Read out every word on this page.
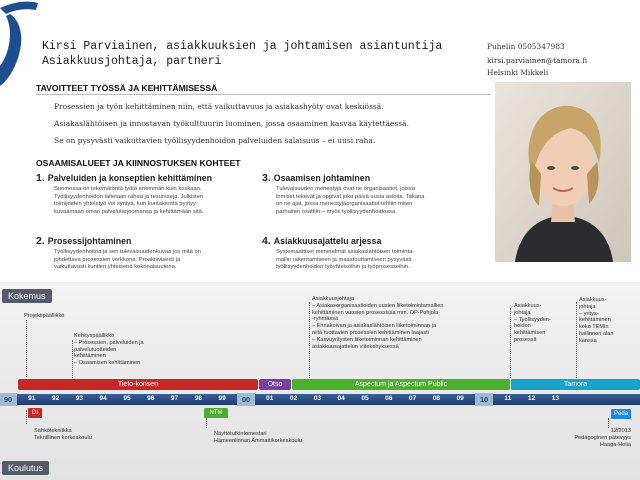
Kirsi Parviainen, asiakkuuksien ja johtamisen asiantuntija
Asiakkuusjohtaja, partneri
Puhelin 0505347983
kirsi.parviainen@tamora.fi
Helsinki Mikkeli
TAVOITTEET TYÖSSÄ JA KEHITTÄMISESSÄ
Prosessien ja työn kehittäminen niin, että vaikuttavuus ja asiakashyöty ovat keskiössä.
Asiakaslähtöisen ja innostavan työkulttuurin luominen, jossa osaaminen kasvaa käytettäessä.
Se on pysyvästi vaikuttavien työllisyydenhoidon palveluiden salaisuus – ei uusi raha.
OSAAMISALUEET JA KIINNOSTUKSEN KOHTEET
1. Palveluiden ja konseptien kehittäminen
Suomessa on tekemätöntä työtä enemmän kuin koskaan.
Työllisyydenhoidon laitetaan rahaa ja resursseja. Julkisten
toimijoiden yhteistyö voi syntyä, kun kuntakenttä pystyy
kuvaamaan oman palvelutarjoomansa ja kehittämään sitä.
2. Prosessijohtaminen
Työllisyydenhoitoa ja sen tulevaisuudenkuvaa jos mitä on
johdettava prosessien verkkona. Proaktiivisesti ja
vaikuttavasti kuntien yhteisenä kokonaisuutena.
3. Osaamisen johtaminen
Tulevaisuuden menestyjä ovat ne organisaatiot, joissa
ihmiset tekevät ja oppivat joka päivä uusia asioita. Takana
on ne ajat, jossa menestyjäorganisaatiot tehtiin miten
parhaiten osattiin – myös työllisyydenhoidossa.
4. Asiakkuusajattelu arjessa
Systemaattiset menetelmät asiakaslähtöisen toiminta-
mallin rakentamiseen ja maastouttamiseen pysyvästi
työllisyydenhoidon työyhteisöihin ja työprosesseihin.
Kokemus
Koulutus
Projektipäällikkö
Kehityspäällikkö
– Prosessien, palveluiden ja
palvelutuotteiden
kehittäminen
– Osaamisen kehittäminen
Asiakkuusjohtaja
– Asiakasorganisaatioiden uusien liiketoimintamallien
kehittäminen vuosien prosessissa mm. OP-Pohjola
-ryhmässä
– Ennakoivan ja asiakaslähtöisen liiketoiminnan ja
niitä tuottavien prosessien kehittäminen laajasti
– Kasvuyritysten liiketoiminnan kehittäminen
asiakkuusajattelun viitekehyksessä
Asiakkuus-
johtaja
– Työllisyyden-
hoidon
kehittämisen
prosessit
Asiakkuus-
johtaja
– yritys-
kehittäminen
koko TEMin
hallinnon alan
kanssa
Tieto-konseri	Otso	Aspectum ja Aspectum Public	Tamora
90	91	92	93	94	95	96	97	98	99	00	01	02	03	04	05	06	07	08	09	10	11	12	13
DI
Sähkötekniikka
Teknillinen korkeakoulu
NTM
Näyttötutkintomestari
Hämeenlinnan Ammattikorkeakoulu
Peda
12/2013
Pedagoginen pätevyys
Haaga-Helia
